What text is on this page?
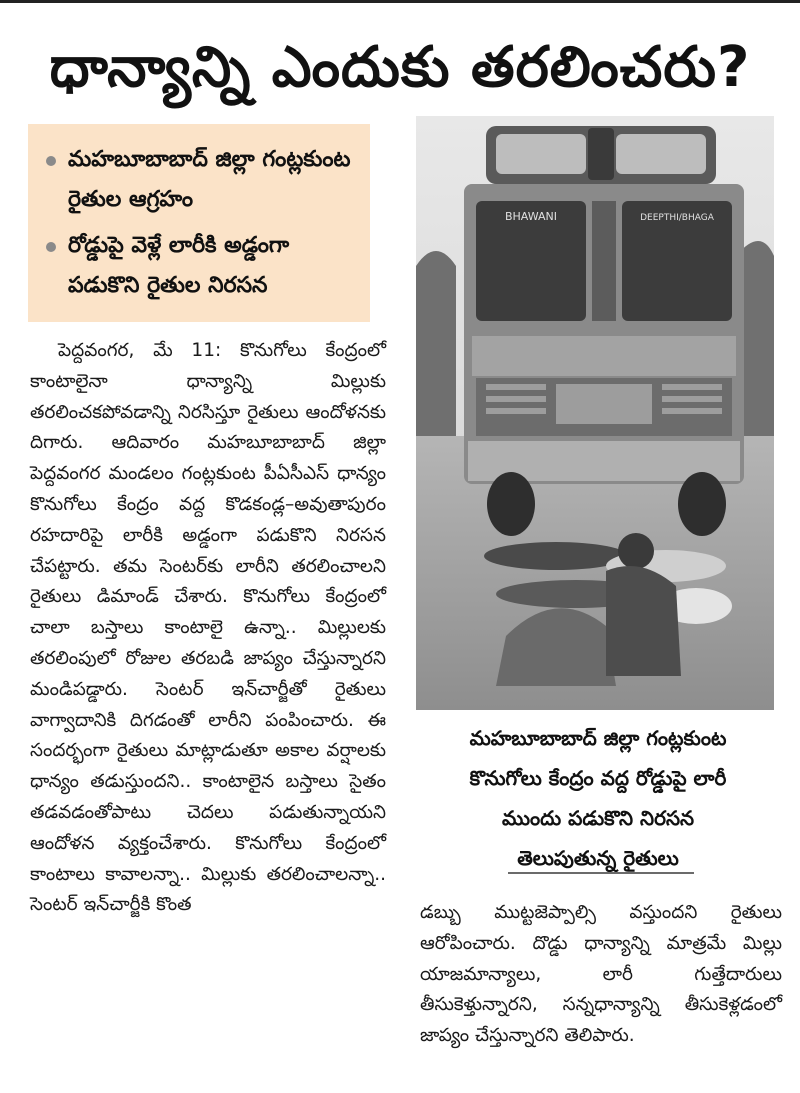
ధాన్యాన్ని ఎందుకు తరలించరు?
మహబూబాబాద్ జిల్లా గంట్లకుంట రైతుల ఆగ్రహం
రోడ్డుపై వెళ్లే లారీకి అడ్డంగా పడుకొని రైతుల నిరసన

పెద్దవంగర, మే 11: కొనుగోలు కేంద్రంలో కాంటాలైనా ధాన్యాన్ని మిల్లుకు తరలించకపోవడాన్ని నిరసిస్తూ రైతులు ఆందోళనకు దిగారు. ఆదివారం మహబూబాబాద్ జిల్లా పెద్దవంగర మండలం గంట్లకుంట పీఏసీఎస్ ధాన్యం కొనుగోలు కేంద్రం వద్ద కొడకండ్ల–అవుతాపురం రహదారిపై లారీకి అడ్డంగా పడుకొని నిరసన చేపట్టారు. తమ సెంటర్‌కు లారీని తరలించాలని రైతులు డిమాండ్ చేశారు. కొనుగోలు కేంద్రంలో చాలా బస్తాలు కాంటాలై ఉన్నా.. మిల్లులకు తరలింపులో రోజుల తరబడి జాప్యం చేస్తున్నారని మండిపడ్డారు. సెంటర్ ఇన్‌చార్జీతో రైతులు వాగ్వాదానికి దిగడంతో లారీని పంపించారు. ఈ సందర్భంగా రైతులు మాట్లాడుతూ అకాల వర్షాలకు ధాన్యం తడుస్తుందని.. కాంటాలైన బస్తాలు సైతం తడవడంతోపాటు చెదలు పడుతున్నాయని ఆందోళన వ్యక్తంచేశారు. కొనుగోలు కేంద్రంలో కాంటాలు కావాలన్నా.. మిల్లుకు తరలించాలన్నా.. సెంటర్ ఇన్‌చార్జీకి కొంత

BHAWANI	DEEPTHI/BHAGA
మహబూబాబాద్ జిల్లా గంట్లకుంట
కొనుగోలు కేంద్రం వద్ద రోడ్డుపై లారీ
ముందు పడుకొని నిరసన
తెలుపుతున్న రైతులు

డబ్బు ముట్టజెప్పాల్సి వస్తుందని రైతులు ఆరోపించారు. దొడ్డు ధాన్యాన్ని మాత్రమే మిల్లు యాజమాన్యాలు, లారీ గుత్తేదారులు తీసుకెళ్తున్నారని, సన్నధాన్యాన్ని తీసుకెళ్లడంలో జాప్యం చేస్తున్నారని తెలిపారు.
